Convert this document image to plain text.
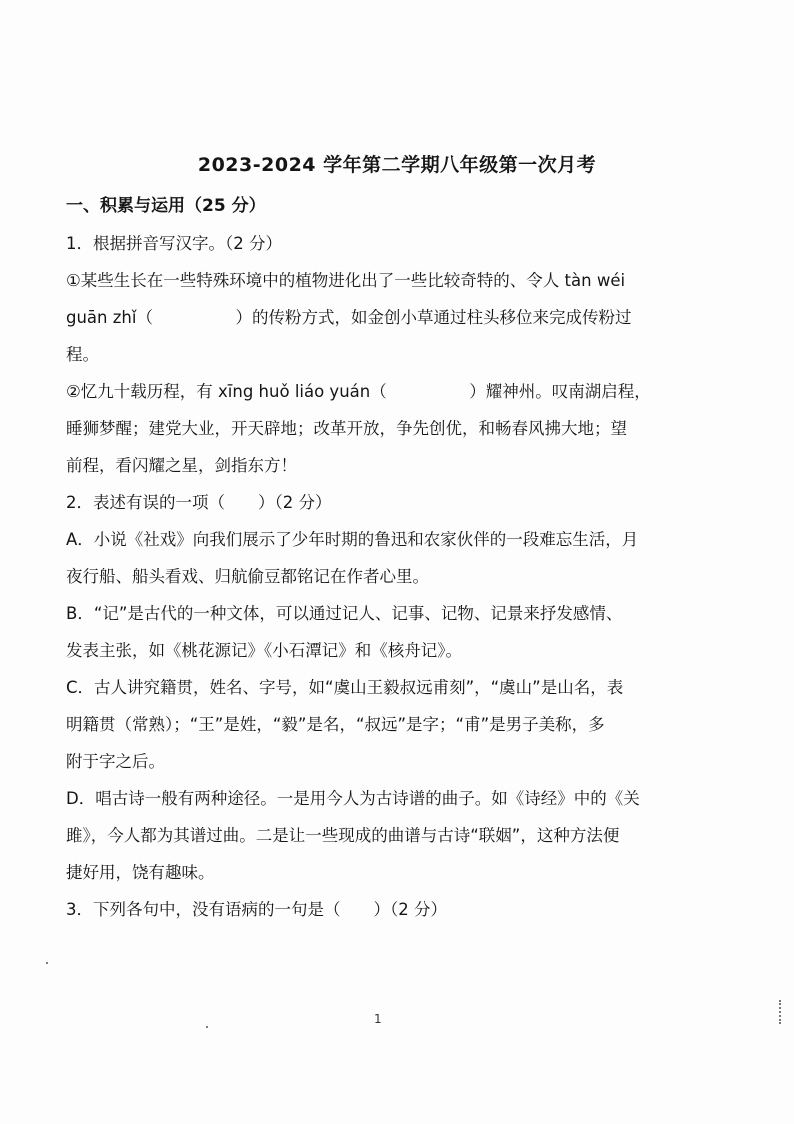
2023-2024 学年第二学期八年级第一次月考
一、积累与运用（25 分）
1．根据拼音写汉字。（2 分）
①某些生长在一些特殊环境中的植物进化出了一些比较奇特的、令人 tàn wéi
guān zhǐ（　　　　　）的传粉方式，如金创小草通过柱头移位来完成传粉过
程。
②忆九十载历程，有 xīng huǒ liáo yuán（　　　　　）耀神州。叹南湖启程，
睡狮梦醒；建党大业，开天辟地；改革开放，争先创优，和畅春风拂大地；望
前程，看闪耀之星，剑指东方！
2．表述有误的一项（　　）（2 分）
A．小说《社戏》向我们展示了少年时期的鲁迅和农家伙伴的一段难忘生活，月
夜行船、船头看戏、归航偷豆都铭记在作者心里。
B．“记”是古代的一种文体，可以通过记人、记事、记物、记景来抒发感情、
发表主张，如《桃花源记》《小石潭记》和《核舟记》。
C．古人讲究籍贯，姓名、字号，如“虞山王毅叔远甫刻”，“虞山”是山名，表
明籍贯（常熟）；“王”是姓，“毅”是名，“叔远”是字；“甫”是男子美称，多
附于字之后。
D．唱古诗一般有两种途径。一是用今人为古诗谱的曲子。如《诗经》中的《关
雎》，今人都为其谱过曲。二是让一些现成的曲谱与古诗“联姻”，这种方法便
捷好用，饶有趣味。
3．下列各句中，没有语病的一句是（　　）（2 分）
1
